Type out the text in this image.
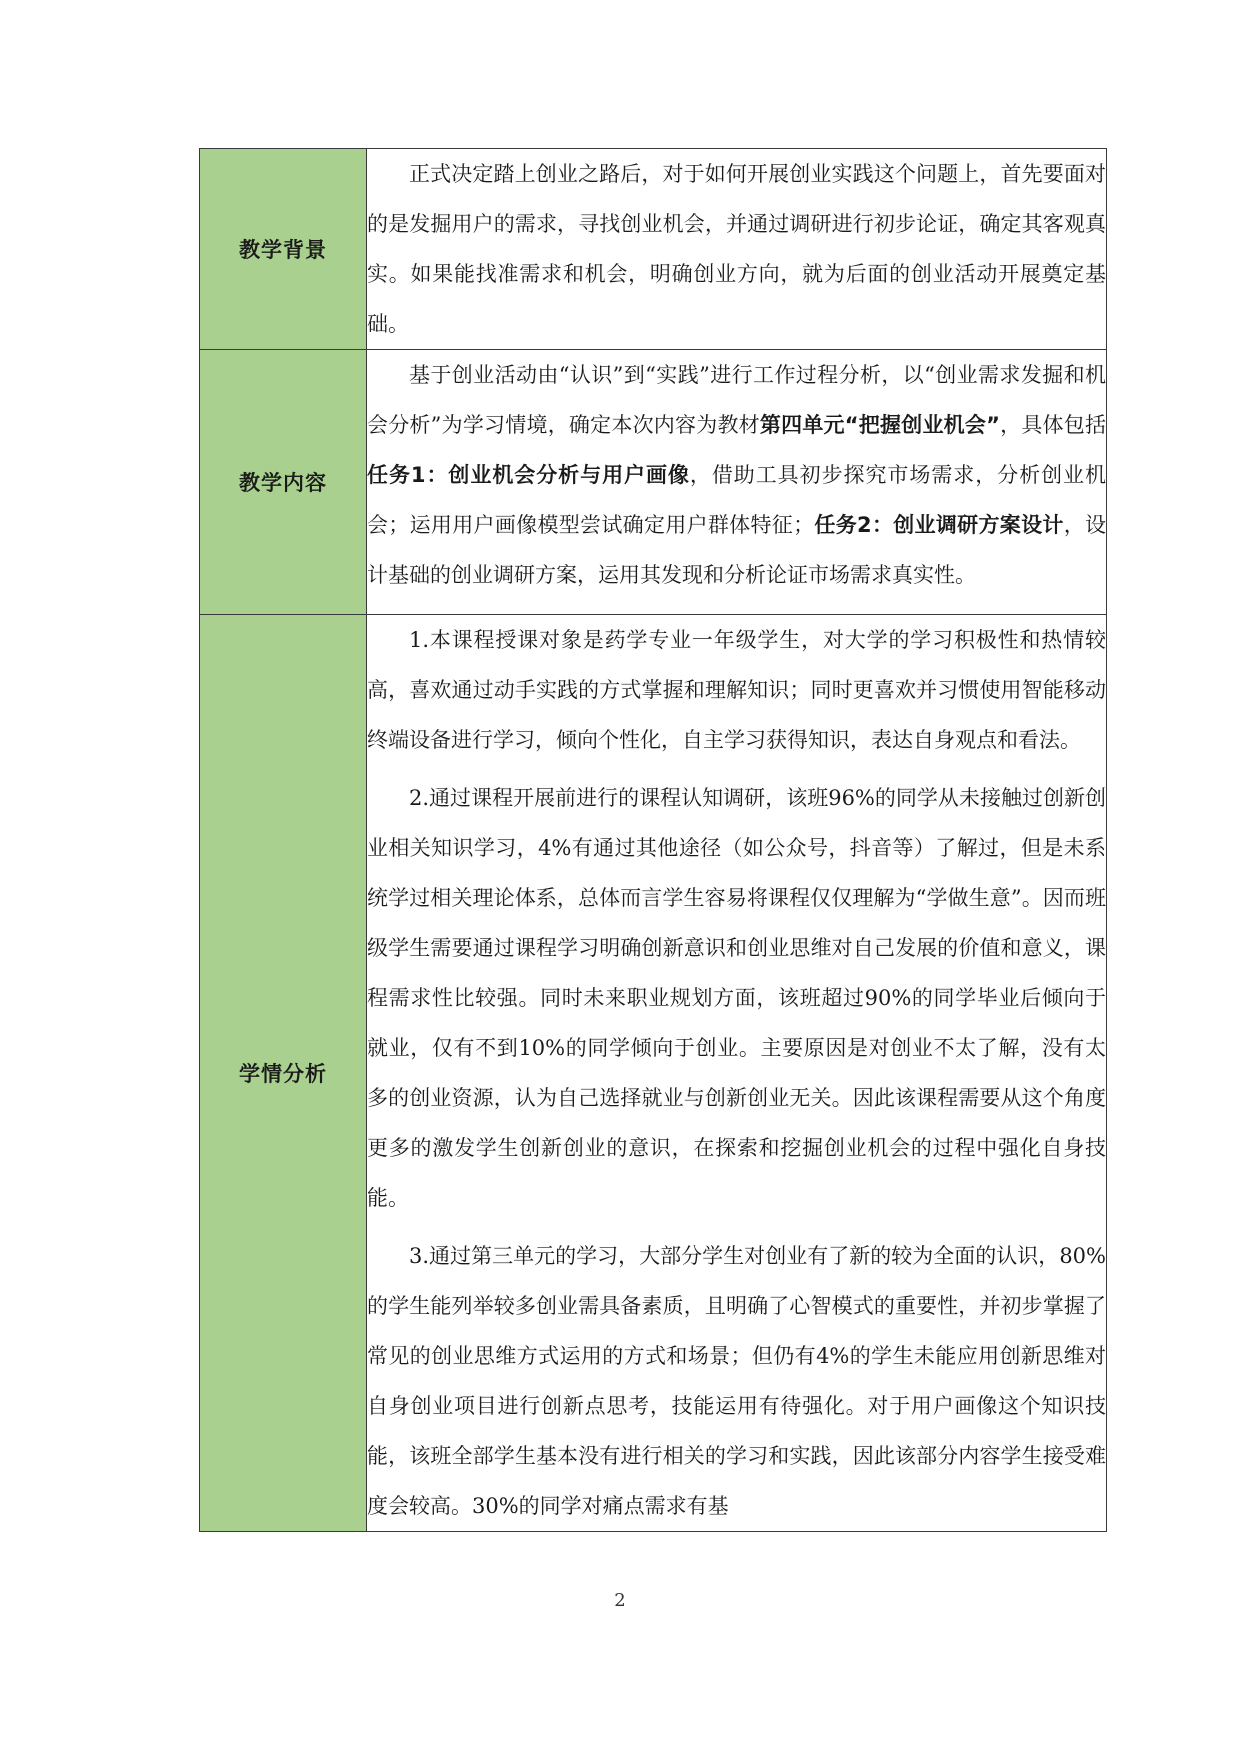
教学背景	正式决定踏上创业之路后，对于如何开展创业实践这个问题上，首先要面对的是发掘用户的需求，寻找创业机会，并通过调研进行初步论证，确定其客观真实。如果能找准需求和机会，明确创业方向，就为后面的创业活动开展奠定基础。

教学内容	基于创业活动由“认识”到“实践”进行工作过程分析，以“创业需求发掘和机会分析”为学习情境，确定本次内容为教材第四单元“把握创业机会”，具体包括任务1：创业机会分析与用户画像，借助工具初步探究市场需求，分析创业机会；运用用户画像模型尝试确定用户群体特征；任务2：创业调研方案设计，设计基础的创业调研方案，运用其发现和分析论证市场需求真实性。

学情分析	1.本课程授课对象是药学专业一年级学生，对大学的学习积极性和热情较高，喜欢通过动手实践的方式掌握和理解知识；同时更喜欢并习惯使用智能移动终端设备进行学习，倾向个性化，自主学习获得知识，表达自身观点和看法。

2.通过课程开展前进行的课程认知调研，该班96%的同学从未接触过创新创业相关知识学习，4%有通过其他途径（如公众号，抖音等）了解过，但是未系统学过相关理论体系，总体而言学生容易将课程仅仅理解为“学做生意”。因而班级学生需要通过课程学习明确创新意识和创业思维对自己发展的价值和意义，课程需求性比较强。同时未来职业规划方面，该班超过90%的同学毕业后倾向于就业，仅有不到10%的同学倾向于创业。主要原因是对创业不太了解，没有太多的创业资源，认为自己选择就业与创新创业无关。因此该课程需要从这个角度更多的激发学生创新创业的意识，在探索和挖掘创业机会的过程中强化自身技能。

3.通过第三单元的学习，大部分学生对创业有了新的较为全面的认识，80%的学生能列举较多创业需具备素质，且明确了心智模式的重要性，并初步掌握了常见的创业思维方式运用的方式和场景；但仍有4%的学生未能应用创新思维对自身创业项目进行创新点思考，技能运用有待强化。对于用户画像这个知识技能，该班全部学生基本没有进行相关的学习和实践，因此该部分内容学生接受难度会较高。30%的同学对痛点需求有基

2
